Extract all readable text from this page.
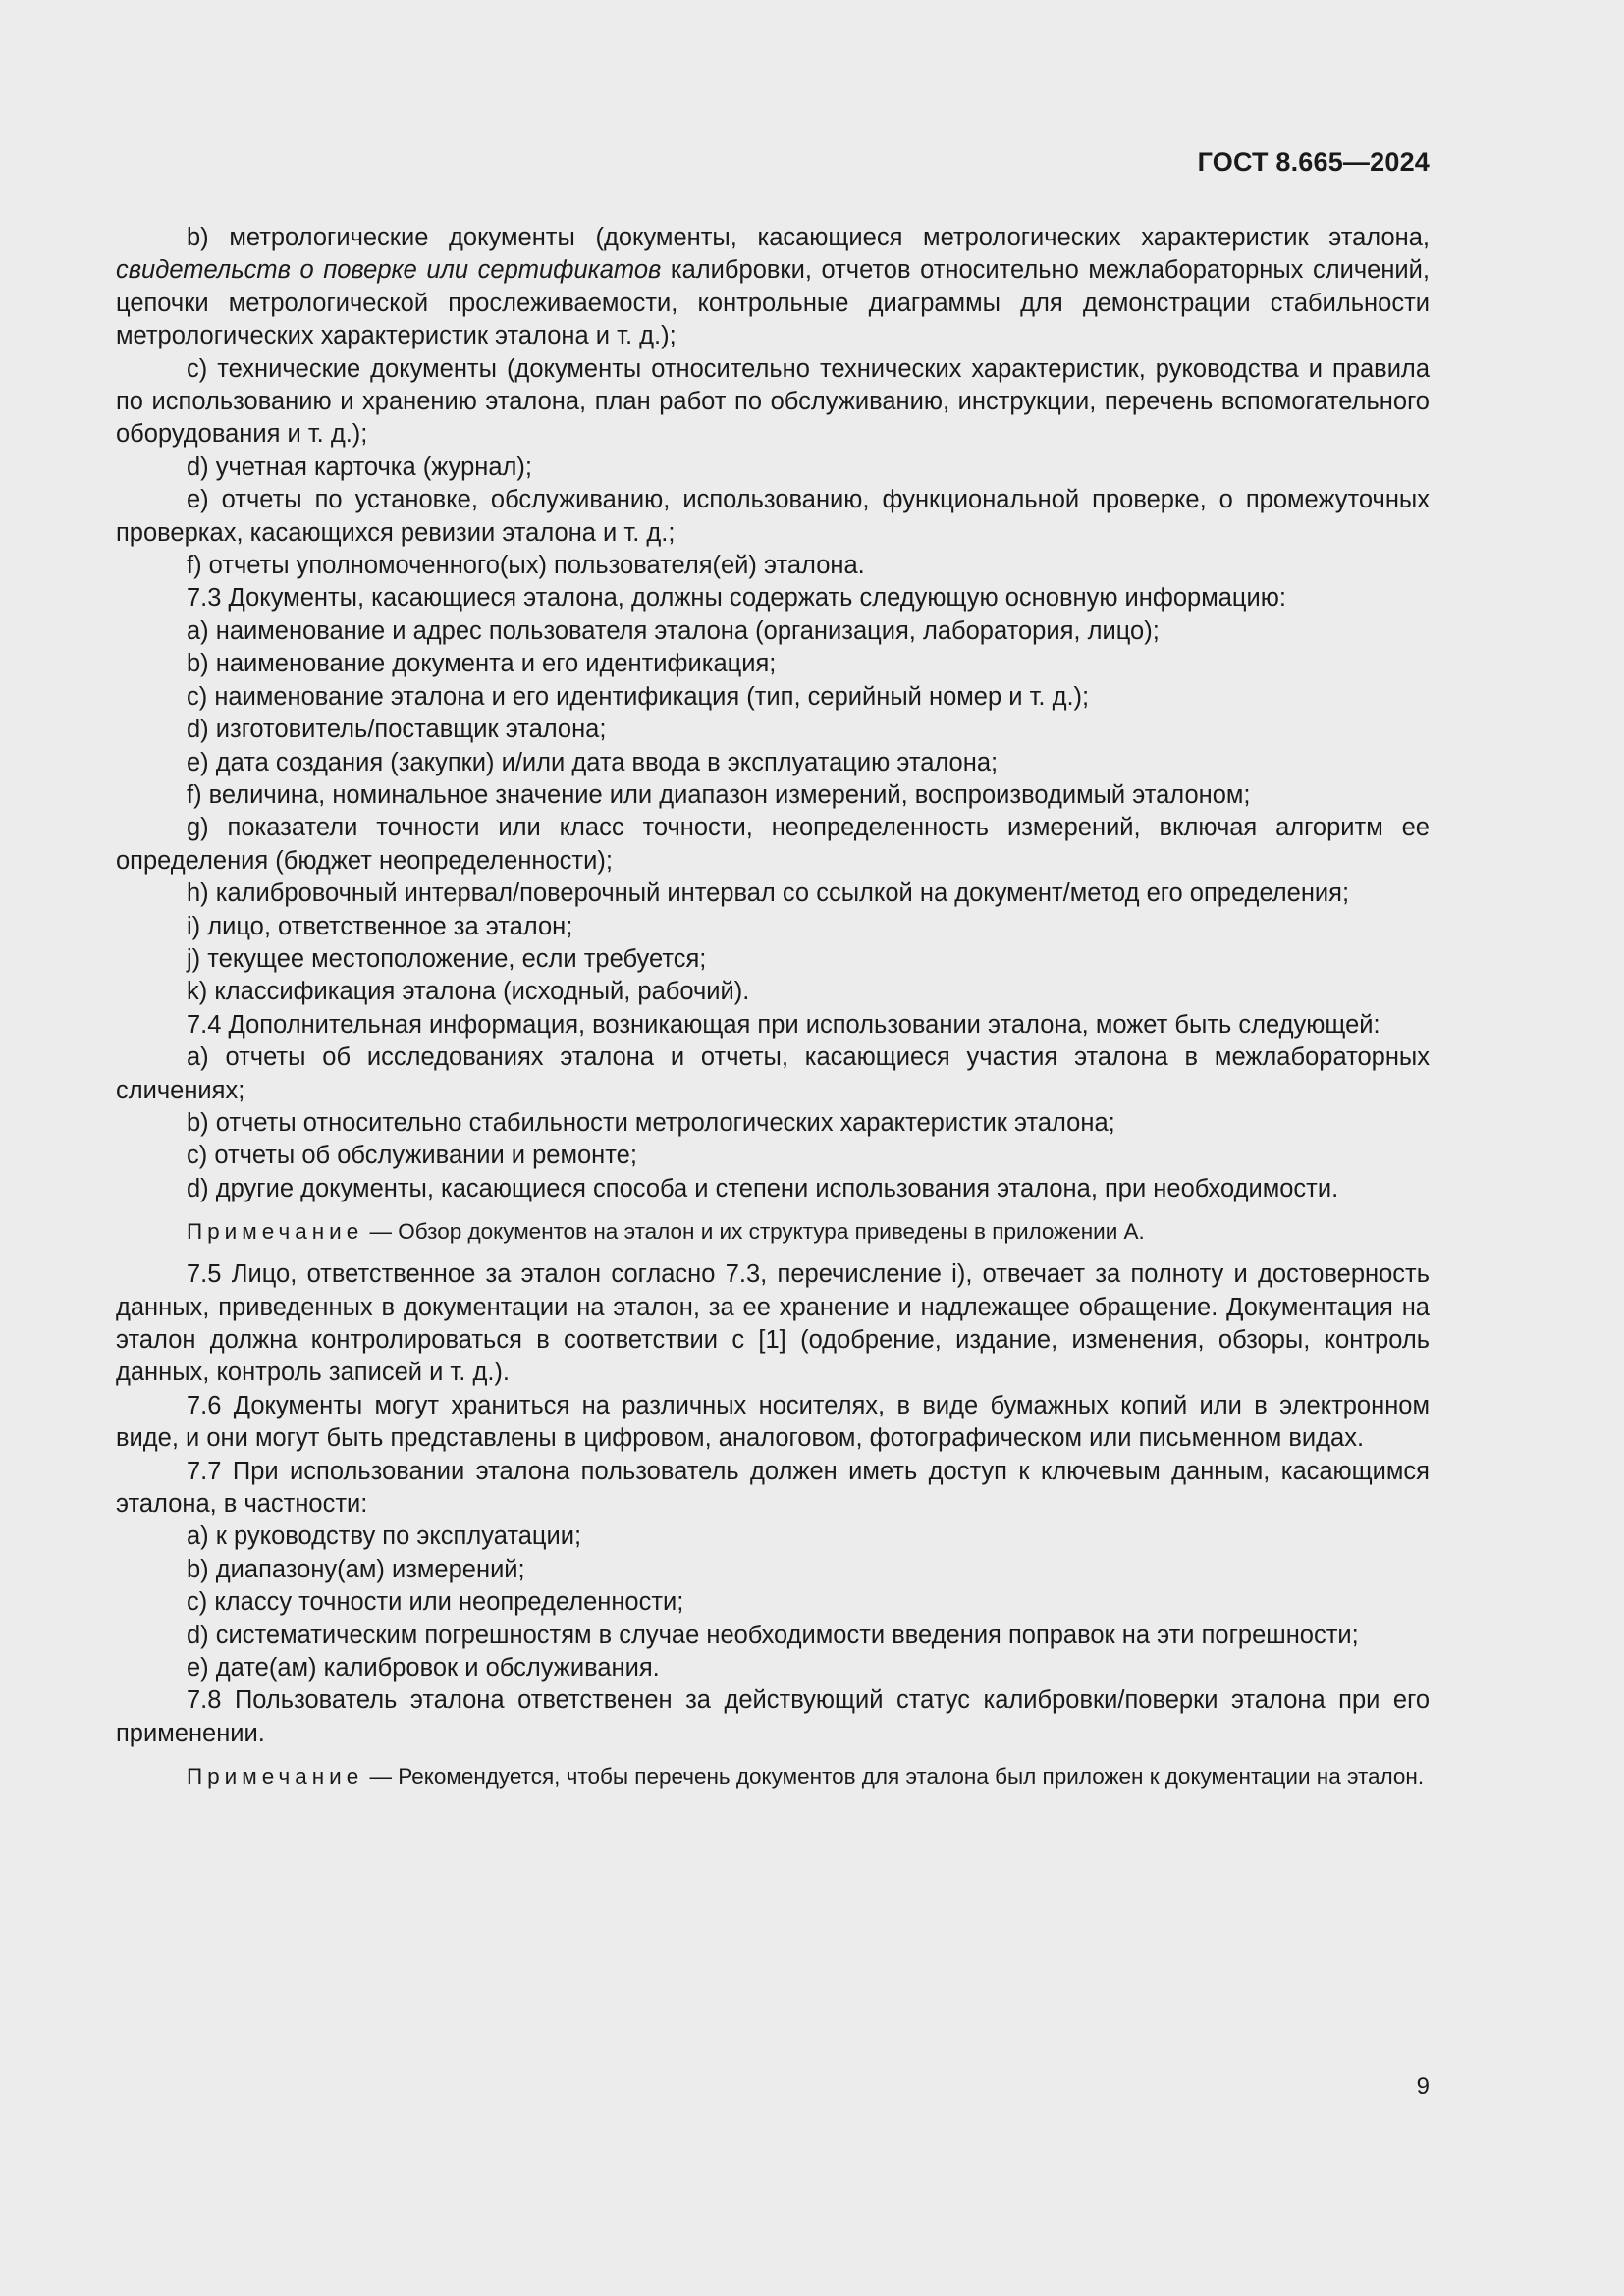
ГОСТ 8.665—2024

b) метрологические документы (документы, касающиеся метрологических характеристик эталона, свидетельств о поверке или сертификатов калибровки, отчетов относительно межлабораторных сличений, цепочки метрологической прослеживаемости, контрольные диаграммы для демонстрации стабильности метрологических характеристик эталона и т. д.);

c) технические документы (документы относительно технических характеристик, руководства и правила по использованию и хранению эталона, план работ по обслуживанию, инструкции, перечень вспомогательного оборудования и т. д.);

d) учетная карточка (журнал);

e) отчеты по установке, обслуживанию, использованию, функциональной проверке, о промежуточных проверках, касающихся ревизии эталона и т. д.;

f) отчеты уполномоченного(ых) пользователя(ей) эталона.

7.3 Документы, касающиеся эталона, должны содержать следующую основную информацию:

a) наименование и адрес пользователя эталона (организация, лаборатория, лицо);

b) наименование документа и его идентификация;

c) наименование эталона и его идентификация (тип, серийный номер и т. д.);

d) изготовитель/поставщик эталона;

e) дата создания (закупки) и/или дата ввода в эксплуатацию эталона;

f) величина, номинальное значение или диапазон измерений, воспроизводимый эталоном;

g) показатели точности или класс точности, неопределенность измерений, включая алгоритм ее определения (бюджет неопределенности);

h) калибровочный интервал/поверочный интервал со ссылкой на документ/метод его определения;

i) лицо, ответственное за эталон;

j) текущее местоположение, если требуется;

k) классификация эталона (исходный, рабочий).

7.4 Дополнительная информация, возникающая при использовании эталона, может быть следующей:

a) отчеты об исследованиях эталона и отчеты, касающиеся участия эталона в межлабораторных сличениях;

b) отчеты относительно стабильности метрологических характеристик эталона;

c) отчеты об обслуживании и ремонте;

d) другие документы, касающиеся способа и степени использования эталона, при необходимости.

Примечание — Обзор документов на эталон и их структура приведены в приложении А.

7.5 Лицо, ответственное за эталон согласно 7.3, перечисление i), отвечает за полноту и достоверность данных, приведенных в документации на эталон, за ее хранение и надлежащее обращение. Документация на эталон должна контролироваться в соответствии с [1] (одобрение, издание, изменения, обзоры, контроль данных, контроль записей и т. д.).

7.6 Документы могут храниться на различных носителях, в виде бумажных копий или в электронном виде, и они могут быть представлены в цифровом, аналоговом, фотографическом или письменном видах.

7.7 При использовании эталона пользователь должен иметь доступ к ключевым данным, касающимся эталона, в частности:

a) к руководству по эксплуатации;

b) диапазону(ам) измерений;

c) классу точности или неопределенности;

d) систематическим погрешностям в случае необходимости введения поправок на эти погрешности;

e) дате(ам) калибровок и обслуживания.

7.8 Пользователь эталона ответственен за действующий статус калибровки/поверки эталона при его применении.

Примечание — Рекомендуется, чтобы перечень документов для эталона был приложен к документации на эталон.

9
